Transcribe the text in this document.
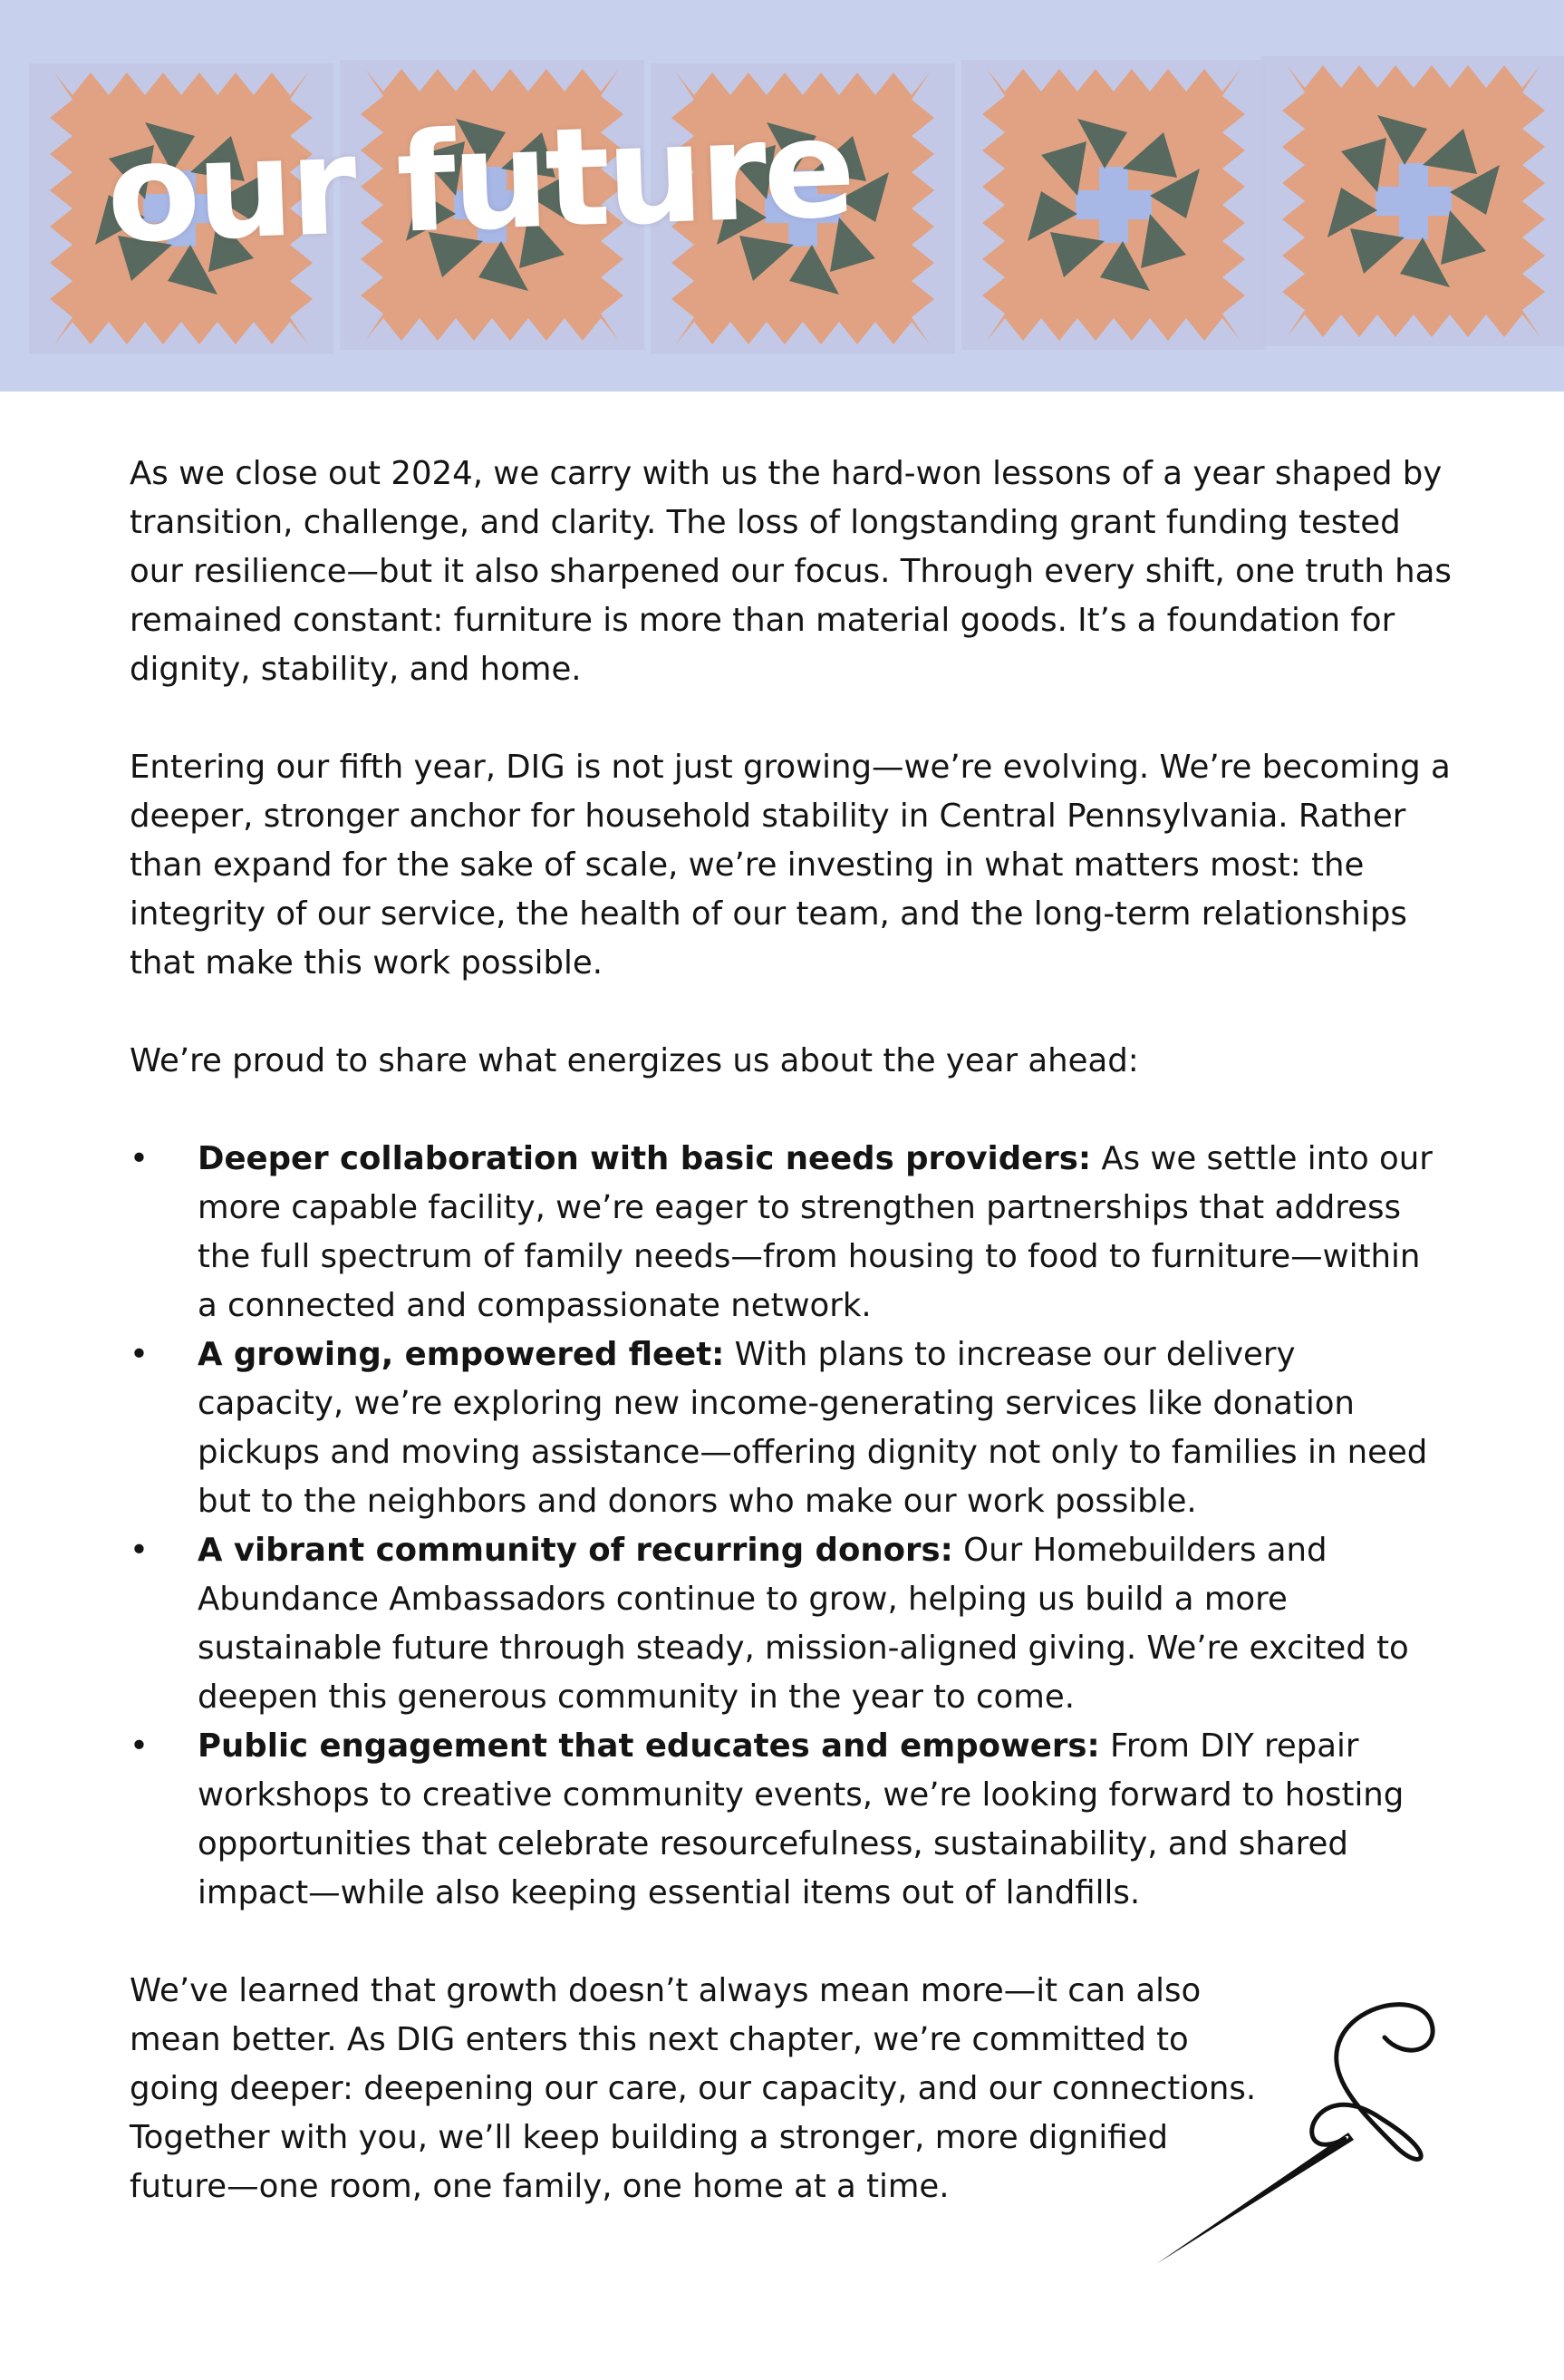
our future

As we close out 2024, we carry with us the hard-won lessons of a year shaped by transition, challenge, and clarity. The loss of longstanding grant funding tested our resilience—but it also sharpened our focus. Through every shift, one truth has remained constant: furniture is more than material goods. It’s a foundation for dignity, stability, and home.

Entering our fifth year, DIG is not just growing—we’re evolving. We’re becoming a deeper, stronger anchor for household stability in Central Pennsylvania. Rather than expand for the sake of scale, we’re investing in what matters most: the integrity of our service, the health of our team, and the long-term relationships that make this work possible.

We’re proud to share what energizes us about the year ahead:

• Deeper collaboration with basic needs providers: As we settle into our more capable facility, we’re eager to strengthen partnerships that address the full spectrum of family needs—from housing to food to furniture—within a connected and compassionate network.
• A growing, empowered fleet: With plans to increase our delivery capacity, we’re exploring new income-generating services like donation pickups and moving assistance—offering dignity not only to families in need but to the neighbors and donors who make our work possible.
• A vibrant community of recurring donors: Our Homebuilders and Abundance Ambassadors continue to grow, helping us build a more sustainable future through steady, mission-aligned giving. We’re excited to deepen this generous community in the year to come.
• Public engagement that educates and empowers: From DIY repair workshops to creative community events, we’re looking forward to hosting opportunities that celebrate resourcefulness, sustainability, and shared impact—while also keeping essential items out of landfills.

We’ve learned that growth doesn’t always mean more—it can also mean better. As DIG enters this next chapter, we’re committed to going deeper: deepening our care, our capacity, and our connections. Together with you, we’ll keep building a stronger, more dignified future—one room, one family, one home at a time.
